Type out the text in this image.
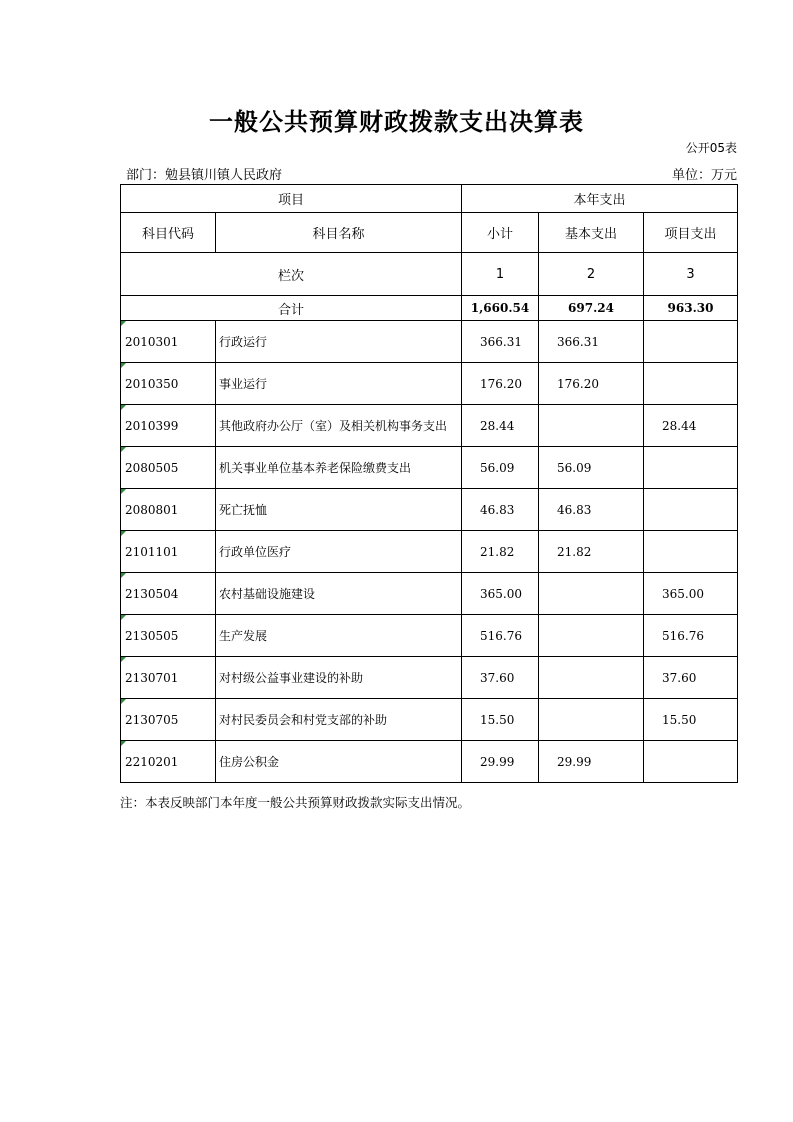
一般公共预算财政拨款支出决算表
公开05表
部门：勉县镇川镇人民政府	单位：万元
项目		本年支出		
科目代码	科目名称	小计	基本支出	项目支出
栏次		1	2	3
合计		1,660.54	697.24	963.30

2010301	行政运行	366.31	366.31	

2010350	事业运行	176.20	176.20	

2010399	其他政府办公厅（室）及相关机构事务支出	28.44		28.44

2080505	机关事业单位基本养老保险缴费支出	56.09	56.09	

2080801	死亡抚恤	46.83	46.83	

2101101	行政单位医疗	21.82	21.82	

2130504	农村基础设施建设	365.00		365.00

2130505	生产发展	516.76		516.76

2130701	对村级公益事业建设的补助	37.60		37.60

2130705	对村民委员会和村党支部的补助	15.50		15.50

2210201	住房公积金	29.99	29.99	
注：本表反映部门本年度一般公共预算财政拨款实际支出情况。
